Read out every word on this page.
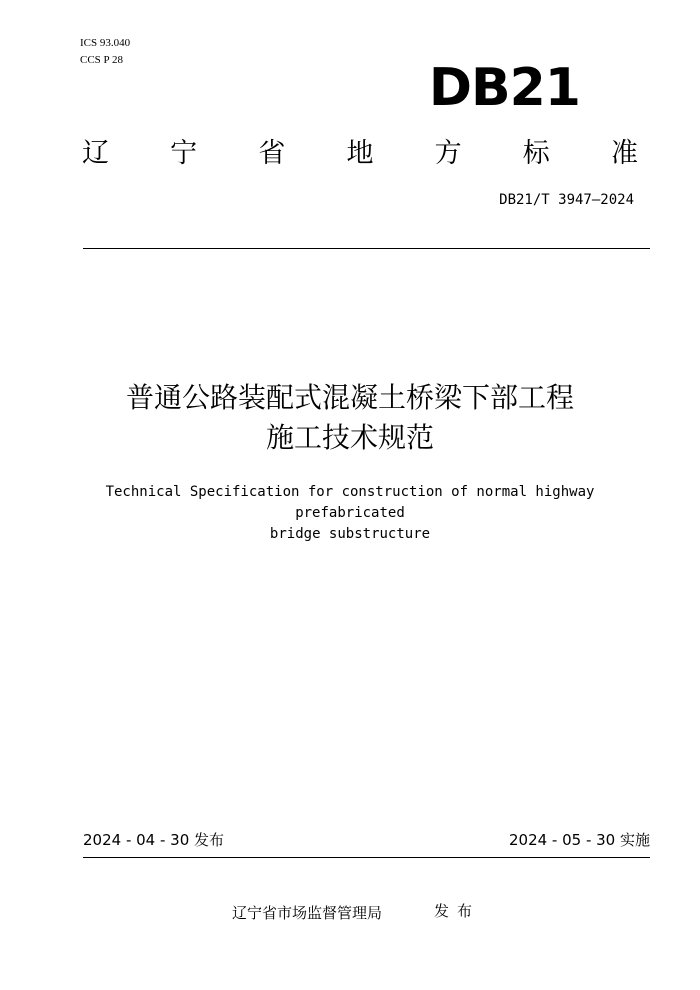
ICS 93.040
CCS P 28	DB21
辽 宁 省 地 方 标 准
DB21/T 3947—2024
普通公路装配式混凝土桥梁下部工程
施工技术规范
Technical Specification for construction of normal highway prefabricated
bridge substructure
2024 - 04 - 30 发布	2024 - 05 - 30 实施
辽宁省市场监督管理局	发布
